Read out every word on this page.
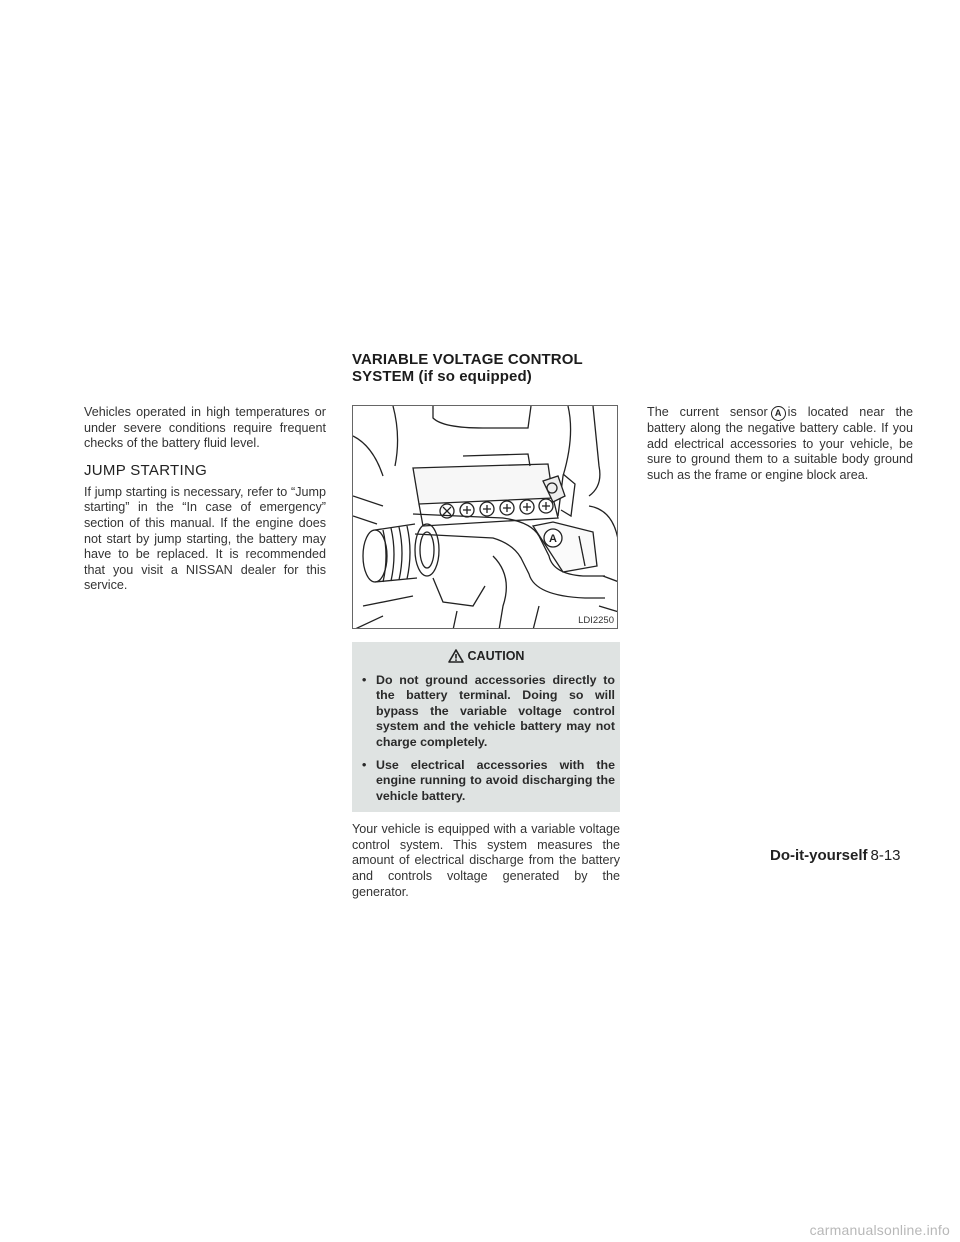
VARIABLE VOLTAGE CONTROL
SYSTEM (if so equipped)

Vehicles operated in high temperatures or under severe conditions require frequent checks of the battery fluid level.

JUMP STARTING

If jump starting is necessary, refer to “Jump starting” in the “In case of emergency” section of this manual. If the engine does not start by jump starting, the battery may have to be replaced. It is recommended that you visit a NISSAN dealer for this service.

A
LDI2250
CAUTION
• Do not ground accessories directly to the battery terminal. Doing so will bypass the variable voltage control system and the vehicle battery may not charge completely.
• Use electrical accessories with the engine running to avoid discharging the vehicle battery.

Your vehicle is equipped with a variable voltage control system. This system measures the amount of electrical discharge from the battery and controls voltage generated by the generator.

The current sensor A is located near the battery along the negative battery cable. If you add electrical accessories to your vehicle, be sure to ground them to a suitable body ground such as the frame or engine block area.

Do-it-yourself 8-13
carmanualsonline.info
